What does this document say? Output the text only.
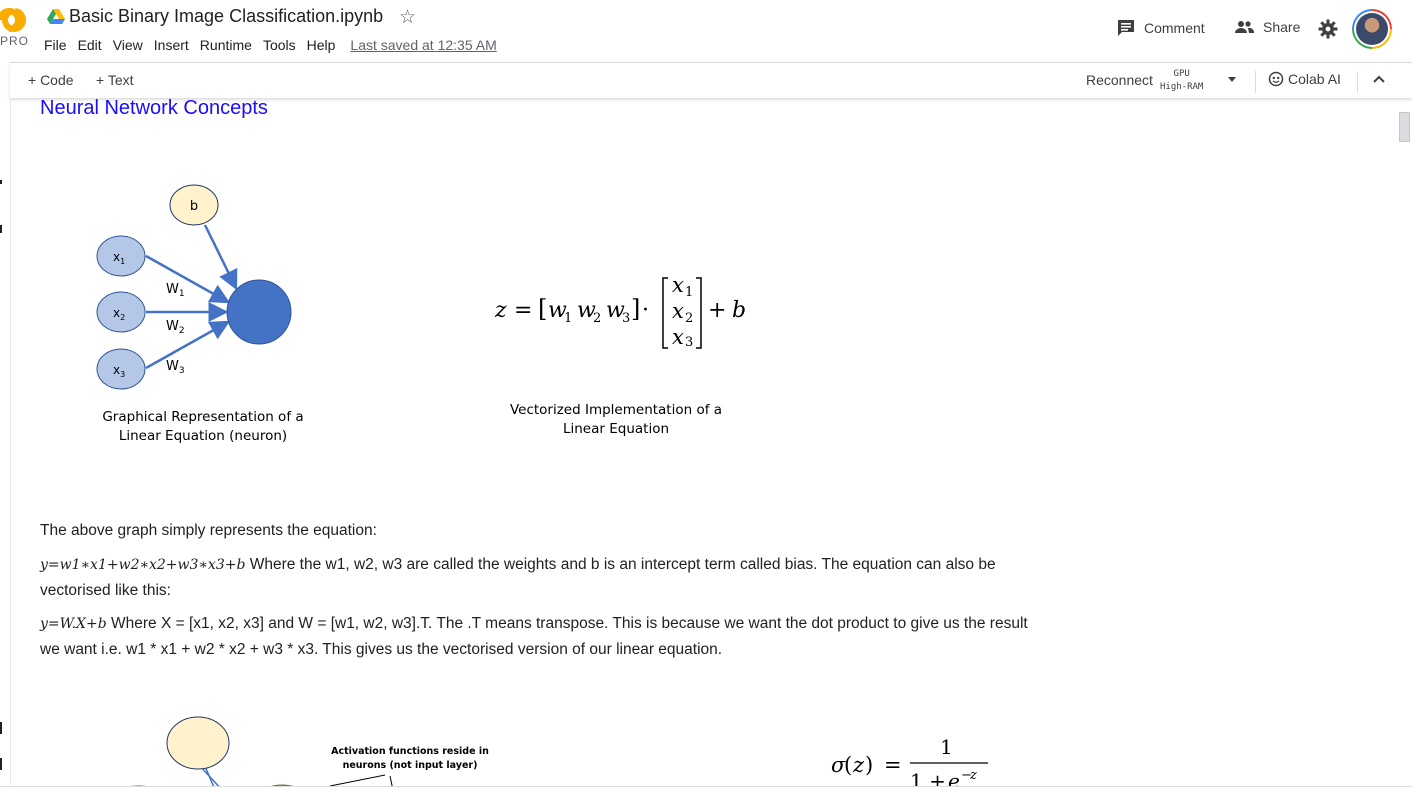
PRO
Basic Binary Image Classification.ipynb ☆
File Edit View Insert Runtime Tools Help Last saved at 12:35 AM
Comment	Share
+ Code + Text	Reconnect	GPU
High-RAM	Colab AI
Neural Network Concepts
b
$x_1$
$x_2$
$x_3$
$W_1$
$W_2$
$W_3$
Graphical Representation of a
Linear Equation (neuron)
z = [ w
1 w
2 w
3 ] ·
x 1
x 2
x 3
+ b
Vectorized Implementation of a
Linear Equation
The above graph simply represents the equation:
y=w1∗x1+w2∗x2+w3∗x3+b Where the w1, w2, w3 are called the weights and b is an intercept term called bias. The equation can also be vectorised like this:
y=W.X+b Where X = [x1, x2, x3] and W = [w1, w2, w3].T. The .T means transpose. This is because we want the dot product to give us the result we want i.e. w1 * x1 + w2 * x2 + w3 * x3. This gives us the vectorised version of our linear equation.
Activation functions reside in
neurons (not input layer)	σ
( z ) =
1
1 + e −
z
